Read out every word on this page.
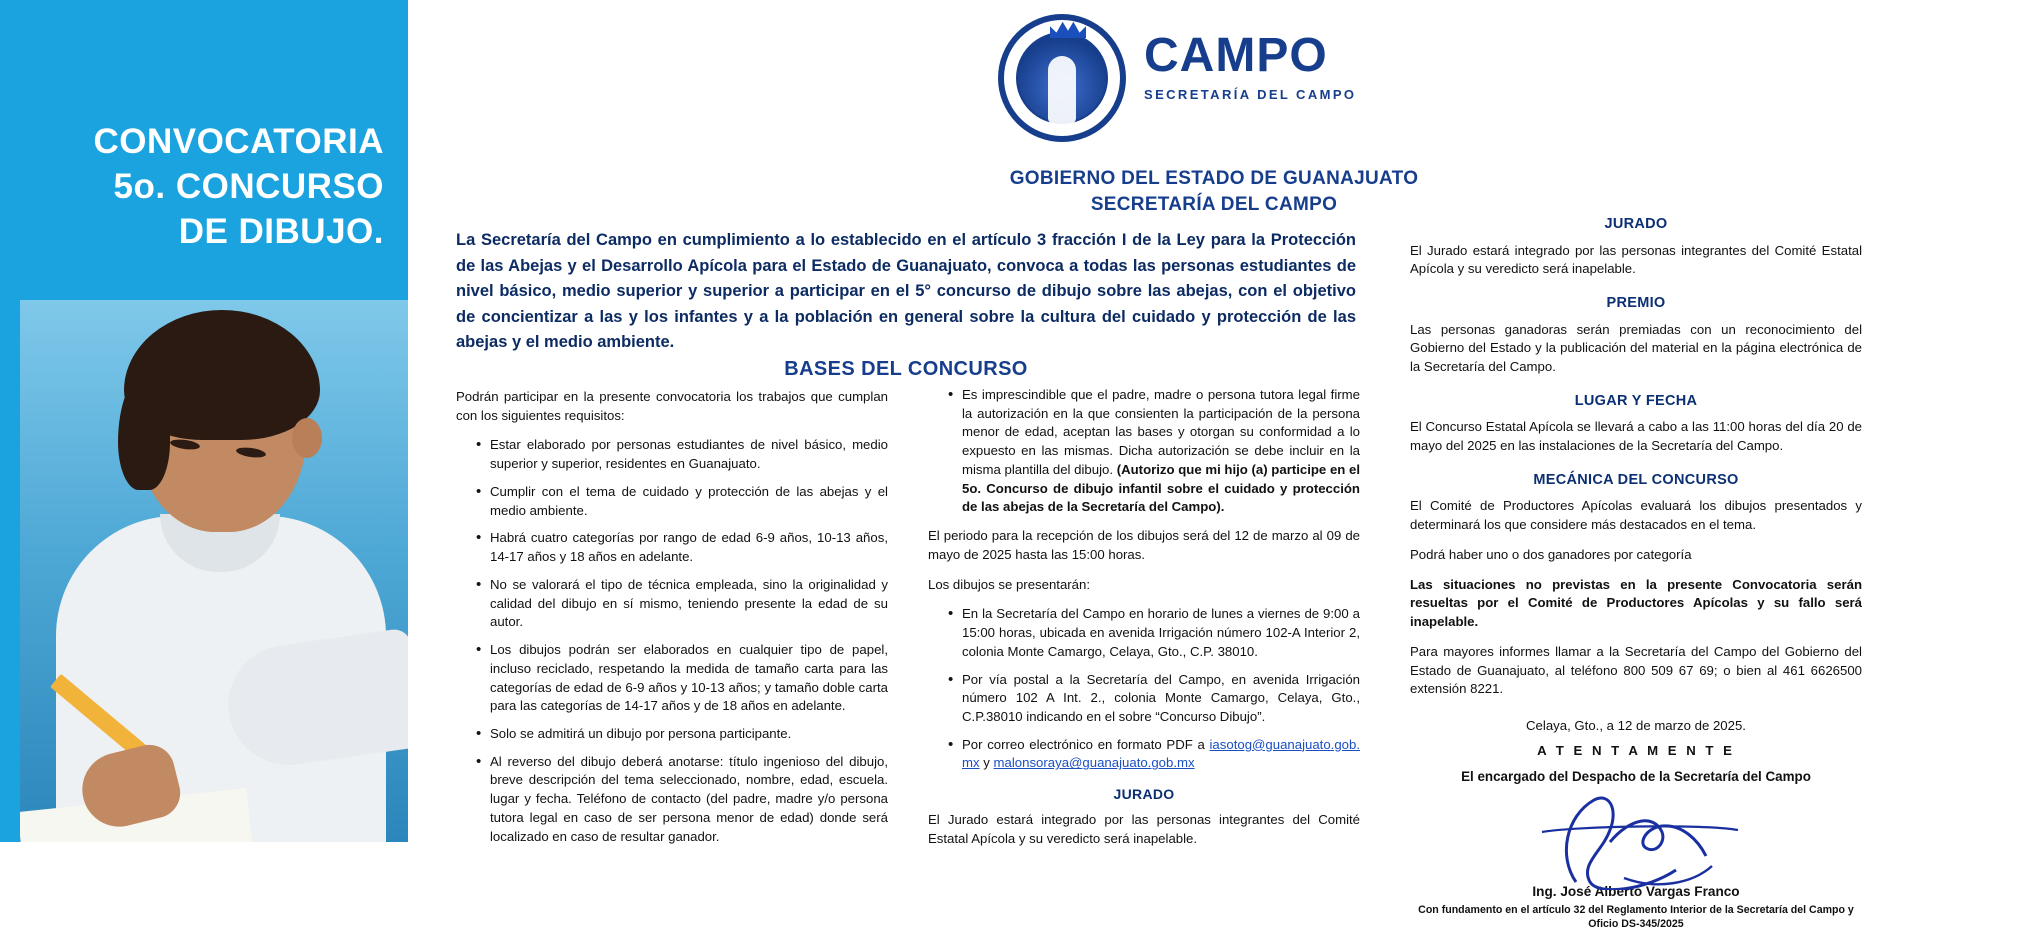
CONVOCATORIA
5o. CONCURSO
DE DIBUJO.
CAMPO
SECRETARÍA DEL CAMPO
GOBIERNO DEL ESTADO DE GUANAJUATO
SECRETARÍA DEL CAMPO
La Secretaría del Campo en cumplimiento a lo establecido en el artículo 3 fracción I de la Ley para la Protección de las Abejas y el Desarrollo Apícola para el Estado de Guanajuato, convoca a todas las personas estudiantes de nivel básico, medio superior y superior a participar en el 5° concurso de dibujo sobre las abejas, con el objetivo de concientizar a las y los infantes y a la población en general sobre la cultura del cuidado y protección de las abejas y el medio ambiente.
BASES DEL CONCURSO

Podrán participar en la presente convocatoria los trabajos que cumplan con los siguientes requisitos:

• Estar elaborado por personas estudiantes de nivel básico, medio superior y superior, residentes en Guanajuato.
• Cumplir con el tema de cuidado y protección de las abejas y el medio ambiente.
• Habrá cuatro categorías por rango de edad 6-9 años, 10-13 años, 14-17 años y 18 años en adelante.
• No se valorará el tipo de técnica empleada, sino la originalidad y calidad del dibujo en sí mismo, teniendo presente la edad de su autor.
• Los dibujos podrán ser elaborados en cualquier tipo de papel, incluso reciclado, respetando la medida de tamaño carta para las categorías de edad de 6-9 años y 10-13 años; y tamaño doble carta para las categorías de 14-17 años y de 18 años en adelante.
• Solo se admitirá un dibujo por persona participante.
• Al reverso del dibujo deberá anotarse: título ingenioso del dibujo, breve descripción del tema seleccionado, nombre, edad, escuela. lugar y fecha. Teléfono de contacto (del padre, madre y/o persona tutora legal en caso de ser persona menor de edad) donde será localizado en caso de resultar ganador.
• Es imprescindible que el padre, madre o persona tutora legal firme la autorización en la que consienten la participación de la persona menor de edad, aceptan las bases y otorgan su conformidad a lo expuesto en las mismas. Dicha autorización se debe incluir en la misma plantilla del dibujo. (Autorizo que mi hijo (a) participe en el 5o. Concurso de dibujo infantil sobre el cuidado y protección de las abejas de la Secretaría del Campo).

El periodo para la recepción de los dibujos será del 12 de marzo al 09 de mayo de 2025 hasta las 15:00 horas.

Los dibujos se presentarán:

• En la Secretaría del Campo en horario de lunes a viernes de 9:00 a 15:00 horas, ubicada en avenida Irrigación número 102-A Interior 2, colonia Monte Camargo, Celaya, Gto., C.P. 38010.
• Por vía postal a la Secretaría del Campo, en avenida Irrigación número 102 A Int. 2., colonia Monte Camargo, Celaya, Gto., C.P.38010 indicando en el sobre “Concurso Dibujo”.
• Por correo electrónico en formato PDF a iasotog@guanajuato.gob.mx y malonsoraya@guanajuato.gob.mx
JURADO

El Jurado estará integrado por las personas integrantes del Comité Estatal Apícola y su veredicto será inapelable.

JURADO

El Jurado estará integrado por las personas integrantes del Comité Estatal Apícola y su veredicto será inapelable.

PREMIO

Las personas ganadoras serán premiadas con un reconocimiento del Gobierno del Estado y la publicación del material en la página electrónica de la Secretaría del Campo.

LUGAR Y FECHA

El Concurso Estatal Apícola se llevará a cabo a las 11:00 horas del día 20 de mayo del 2025 en las instalaciones de la Secretaría del Campo.

MECÁNICA DEL CONCURSO

El Comité de Productores Apícolas evaluará los dibujos presentados y determinará los que considere más destacados en el tema.

Podrá haber uno o dos ganadores por categoría

Las situaciones no previstas en la presente Convocatoria serán resueltas por el Comité de Productores Apícolas y su fallo será inapelable.

Para mayores informes llamar a la Secretaría del Campo del Gobierno del Estado de Guanajuato, al teléfono 800 509 67 69; o bien al 461 6626500 extensión 8221.

Celaya, Gto., a 12 de marzo de 2025.
A T E N T A M E N T E
El encargado del Despacho de la Secretaría del Campo
Ing. José Alberto Vargas Franco
Con fundamento en el artículo 32 del Reglamento Interior de la Secretaría del Campo y Oficio DS-345/2025
